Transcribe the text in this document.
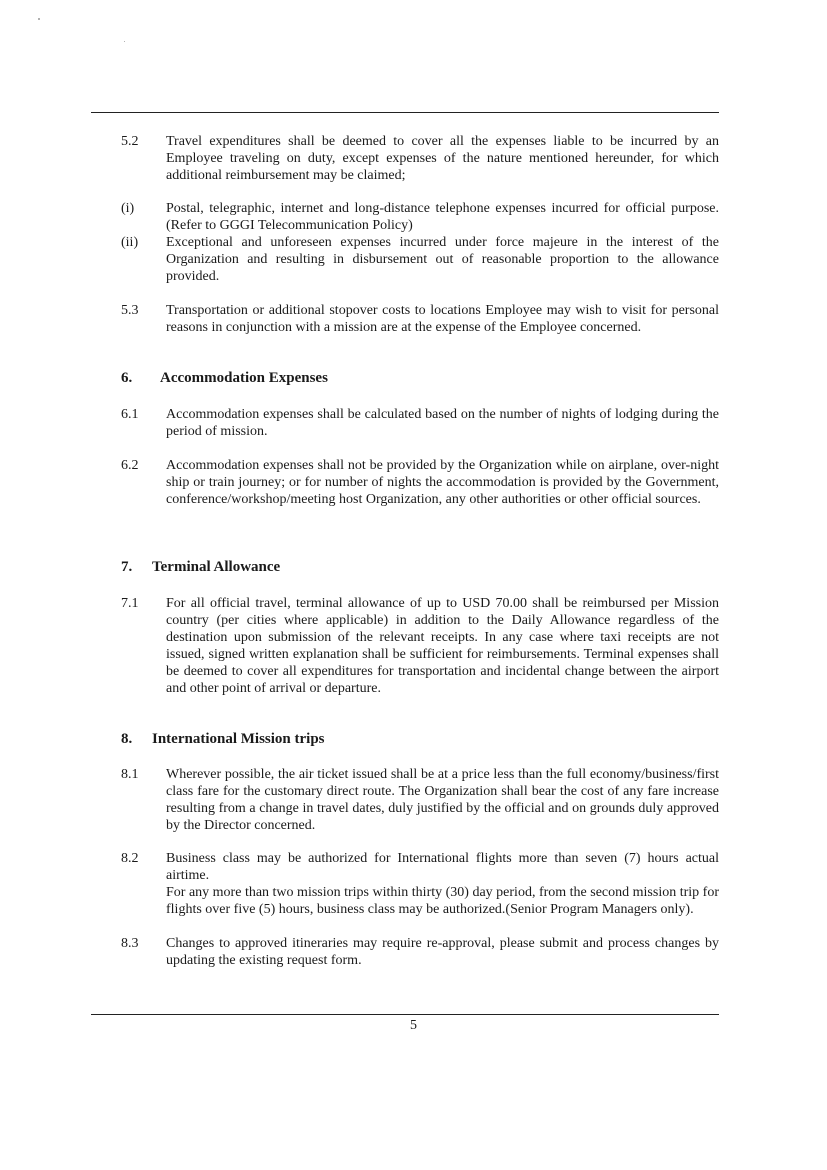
5.2 Travel expenditures shall be deemed to cover all the expenses liable to be incurred by an Employee traveling on duty, except expenses of the nature mentioned hereunder, for which additional reimbursement may be claimed;
(i) Postal, telegraphic, internet and long-distance telephone expenses incurred for official purpose. (Refer to GGGI Telecommunication Policy)
(ii) Exceptional and unforeseen expenses incurred under force majeure in the interest of the Organization and resulting in disbursement out of reasonable proportion to the allowance provided.
5.3 Transportation or additional stopover costs to locations Employee may wish to visit for personal reasons in conjunction with a mission are at the expense of the Employee concerned.
6. Accommodation Expenses
6.1 Accommodation expenses shall be calculated based on the number of nights of lodging during the period of mission.
6.2 Accommodation expenses shall not be provided by the Organization while on airplane, over-night ship or train journey; or for number of nights the accommodation is provided by the Government, conference/workshop/meeting host Organization, any other authorities or other official sources.
7. Terminal Allowance
7.1 For all official travel, terminal allowance of up to USD 70.00 shall be reimbursed per Mission country (per cities where applicable) in addition to the Daily Allowance regardless of the destination upon submission of the relevant receipts. In any case where taxi receipts are not issued, signed written explanation shall be sufficient for reimbursements. Terminal expenses shall be deemed to cover all expenditures for transportation and incidental change between the airport and other point of arrival or departure.
8. International Mission trips
8.1 Wherever possible, the air ticket issued shall be at a price less than the full economy/business/first class fare for the customary direct route. The Organization shall bear the cost of any fare increase resulting from a change in travel dates, duly justified by the official and on grounds duly approved by the Director concerned.
8.2 Business class may be authorized for International flights more than seven (7) hours actual airtime.
For any more than two mission trips within thirty (30) day period, from the second mission trip for flights over five (5) hours, business class may be authorized.(Senior Program Managers only).
8.3 Changes to approved itineraries may require re-approval, please submit and process changes by updating the existing request form.
5
